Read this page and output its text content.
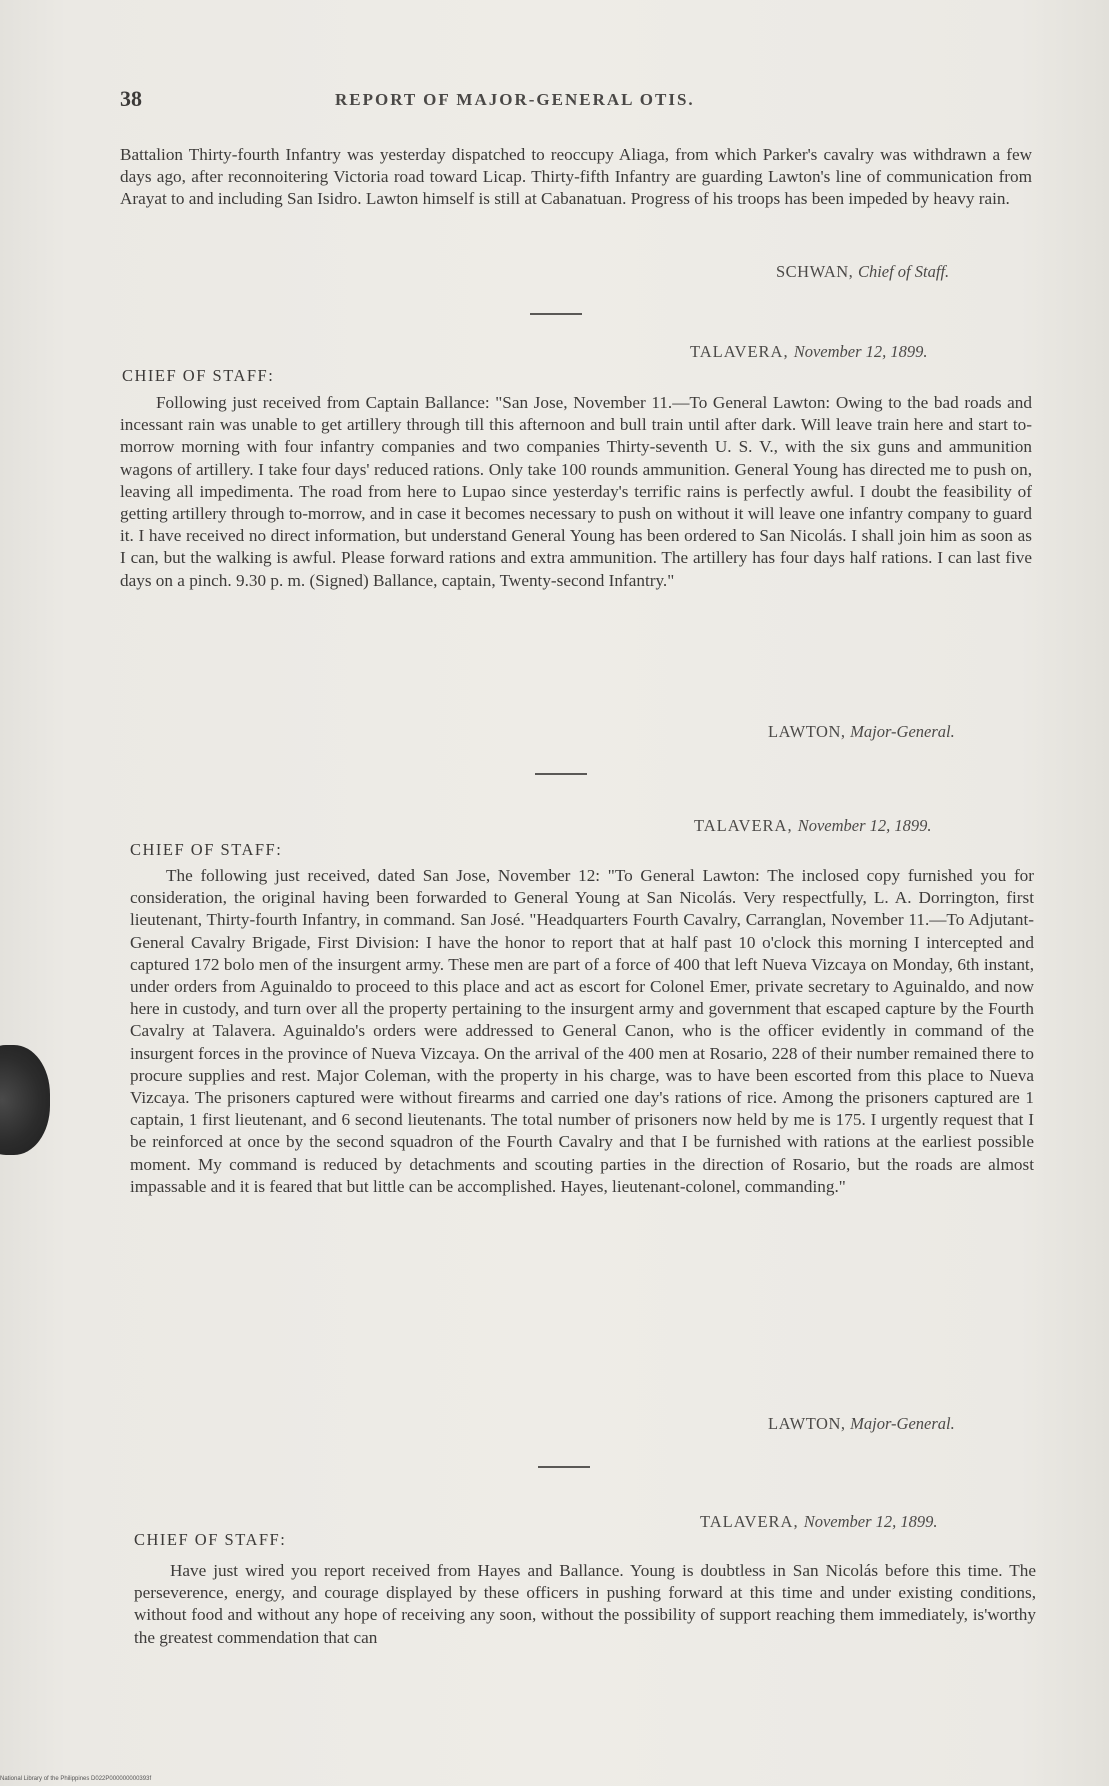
38	REPORT OF MAJOR-GENERAL OTIS.

Battalion Thirty-fourth Infantry was yesterday dispatched to reoccupy Aliaga, from which Parker's cavalry was withdrawn a few days ago, after reconnoitering Victoria road toward Licap. Thirty-fifth Infantry are guarding Lawton's line of communication from Arayat to and including San Isidro. Lawton himself is still at Cabanatuan. Progress of his troops has been impeded by heavy rain.

SCHWAN, Chief of Staff.
TALAVERA, November 12, 1899.
CHIEF OF STAFF:

Following just received from Captain Ballance: "San Jose, November 11.—To General Lawton: Owing to the bad roads and incessant rain was unable to get artillery through till this afternoon and bull train until after dark. Will leave train here and start to-morrow morning with four infantry companies and two companies Thirty-seventh U. S. V., with the six guns and ammunition wagons of artillery. I take four days' reduced rations. Only take 100 rounds ammunition. General Young has directed me to push on, leaving all impedimenta. The road from here to Lupao since yesterday's terrific rains is perfectly awful. I doubt the feasibility of getting artillery through to-morrow, and in case it becomes necessary to push on without it will leave one infantry company to guard it. I have received no direct information, but understand General Young has been ordered to San Nicolás. I shall join him as soon as I can, but the walking is awful. Please forward rations and extra ammunition. The artillery has four days half rations. I can last five days on a pinch. 9.30 p. m. (Signed) Ballance, captain, Twenty-second Infantry."

LAWTON, Major-General.
TALAVERA, November 12, 1899.
CHIEF OF STAFF:

The following just received, dated San Jose, November 12: "To General Lawton: The inclosed copy furnished you for consideration, the original having been forwarded to General Young at San Nicolás. Very respectfully, L. A. Dorrington, first lieutenant, Thirty-fourth Infantry, in command. San José. "Headquarters Fourth Cavalry, Carranglan, November 11.—To Adjutant-General Cavalry Brigade, First Division: I have the honor to report that at half past 10 o'clock this morning I intercepted and captured 172 bolo men of the insurgent army. These men are part of a force of 400 that left Nueva Vizcaya on Monday, 6th instant, under orders from Aguinaldo to proceed to this place and act as escort for Colonel Emer, private secretary to Aguinaldo, and now here in custody, and turn over all the property pertaining to the insurgent army and government that escaped capture by the Fourth Cavalry at Talavera. Aguinaldo's orders were addressed to General Canon, who is the officer evidently in command of the insurgent forces in the province of Nueva Vizcaya. On the arrival of the 400 men at Rosario, 228 of their number remained there to procure supplies and rest. Major Coleman, with the property in his charge, was to have been escorted from this place to Nueva Vizcaya. The prisoners captured were without firearms and carried one day's rations of rice. Among the prisoners captured are 1 captain, 1 first lieutenant, and 6 second lieutenants. The total number of prisoners now held by me is 175. I urgently request that I be reinforced at once by the second squadron of the Fourth Cavalry and that I be furnished with rations at the earliest possible moment. My command is reduced by detachments and scouting parties in the direction of Rosario, but the roads are almost impassable and it is feared that but little can be accomplished. Hayes, lieutenant-colonel, commanding."

LAWTON, Major-General.
TALAVERA, November 12, 1899.
CHIEF OF STAFF:

Have just wired you report received from Hayes and Ballance. Young is doubtless in San Nicolás before this time. The perseverence, energy, and courage displayed by these officers in pushing forward at this time and under existing conditions, without food and without any hope of receiving any soon, without the possibility of support reaching them immediately, is'worthy the greatest commendation that can

National Library of the Philippines D022P000000000393f
